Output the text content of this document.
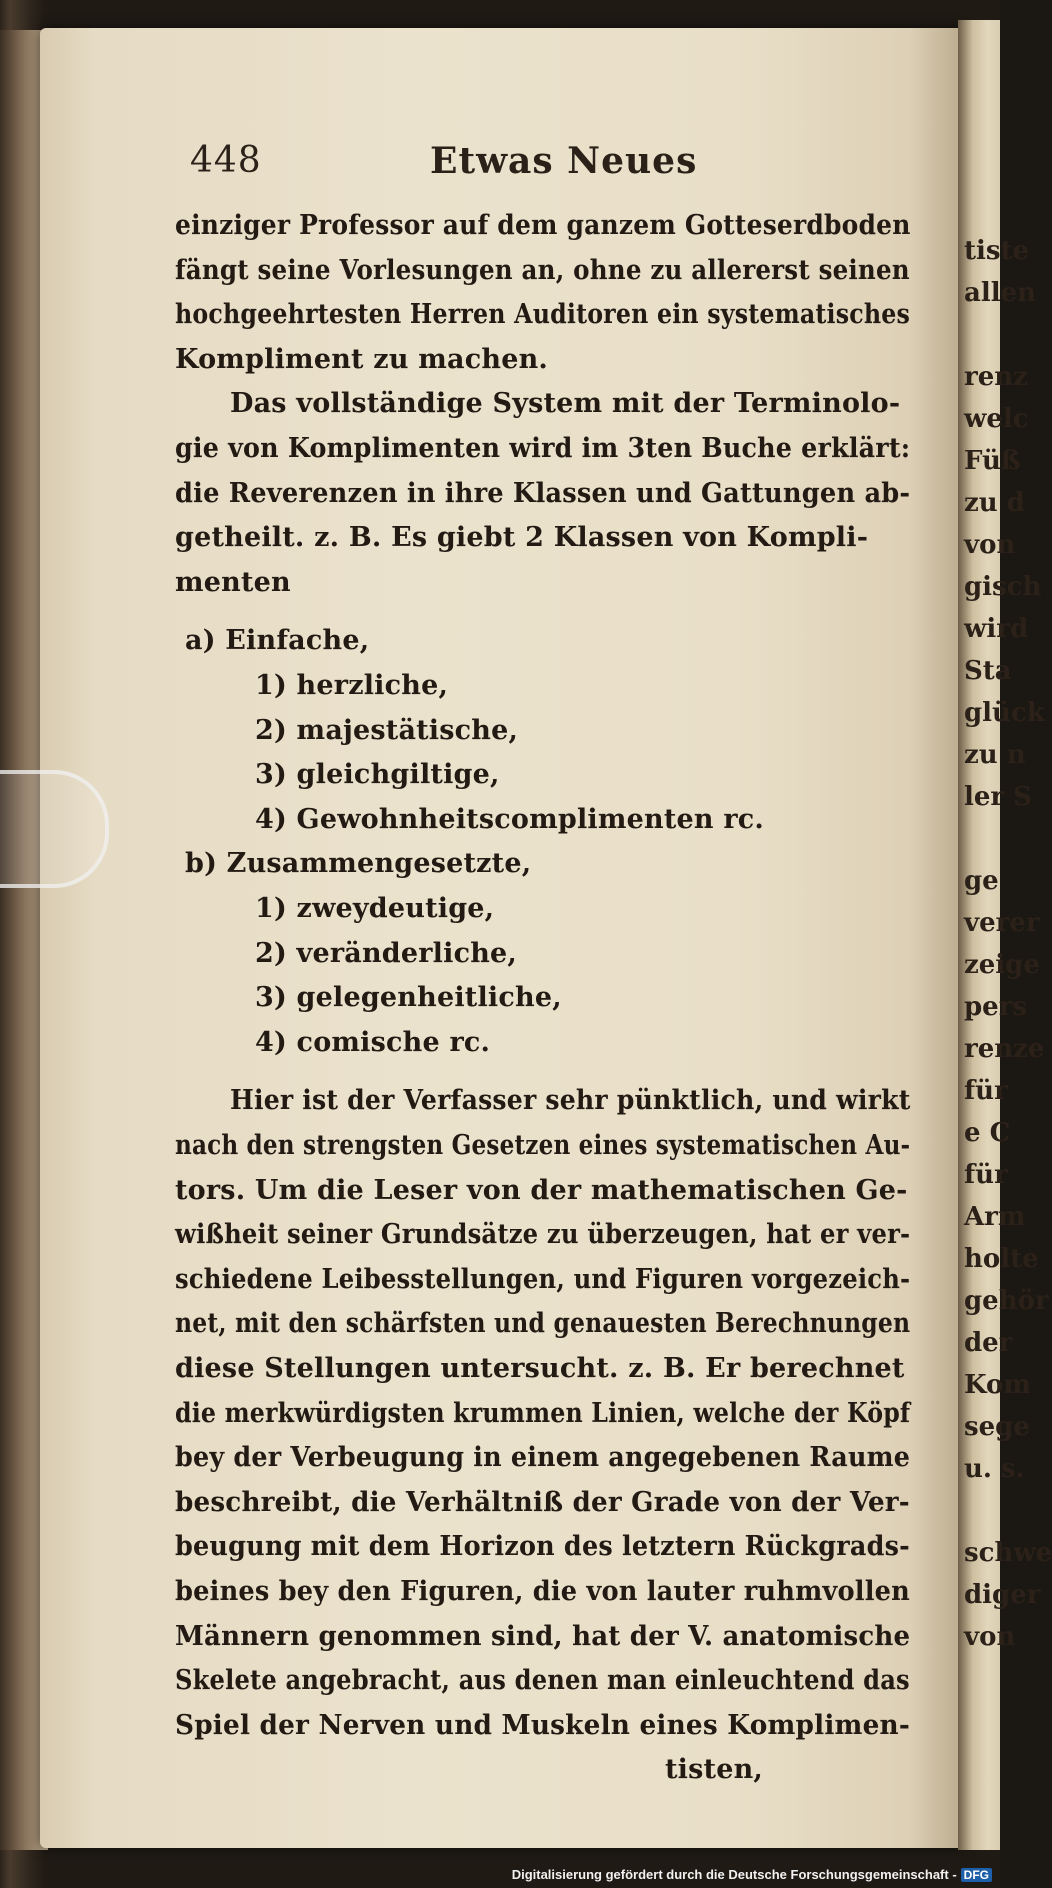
tiste
allen

renz
welc
Füß
zu d
von
gisch
wird
Sta
glück
zu n
ler S

ge
verer
zeige
pers
renze
für
e C
für
Arm
holte
gehör
der
Kom
sege
u. s.

schwe
diger
von
448	Etwas Neues
einziger Professor auf dem ganzem Gotteserdboden
fängt seine Vorlesungen an, ohne zu allererst seinen
hochgeehrtesten Herren Auditoren ein systematisches
Kompliment zu machen.
Das vollständige System mit der Terminolo-
gie von Komplimenten wird im 3ten Buche erklärt:
die Reverenzen in ihre Klassen und Gattungen ab-
getheilt. z. B. Es giebt 2 Klassen von Kompli-
menten
a) Einfache,
1) herzliche,
2) majestätische,
3) gleichgiltige,
4) Gewohnheitscomplimenten rc.
b) Zusammengesetzte,
1) zweydeutige,
2) veränderliche,
3) gelegenheitliche,
4) comische rc.
Hier ist der Verfasser sehr pünktlich, und wirkt
nach den strengsten Gesetzen eines systematischen Au-
tors. Um die Leser von der mathematischen Ge-
wißheit seiner Grundsätze zu überzeugen, hat er ver-
schiedene Leibesstellungen, und Figuren vorgezeich-
net, mit den schärfsten und genauesten Berechnungen
diese Stellungen untersucht. z. B. Er berechnet
die merkwürdigsten krummen Linien, welche der Köpf
bey der Verbeugung in einem angegebenen Raume
beschreibt, die Verhältniß der Grade von der Ver-
beugung mit dem Horizon des letztern Rückgrads-
beines bey den Figuren, die von lauter ruhmvollen
Männern genommen sind, hat der V. anatomische
Skelete angebracht, aus denen man einleuchtend das
Spiel der Nerven und Muskeln eines Komplimen-
tisten,
Digitalisierung gefördert durch die Deutsche Forschungsgemeinschaft - DFG
